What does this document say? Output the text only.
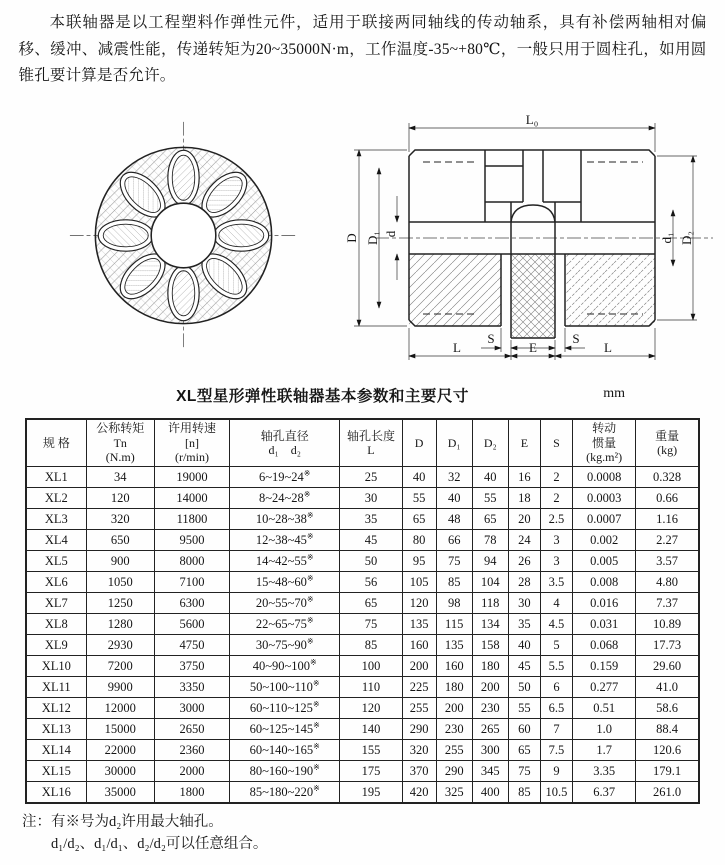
本联轴器是以工程塑料作弹性元件，适用于联接两同轴线的传动轴系，具有补偿两轴相对偏移、缓冲、减震性能，传递转矩为20~35000N·m，工作温度-35~+80℃，一般只用于圆柱孔，如用圆锥孔要计算是否允许。

L₀
D D₁ d	d₁ D₂
S	S
L	E	L
XL型星形弹性联轴器基本参数和主要尺寸	mm
规 格

公称转矩
Tn
(N.m)

许用转速
[n]
(r/min)

轴孔直径
d₁　d₂

轴孔长度
L

D	D₁	D₂	E	S

转动
惯量
(kg.m²)

重量
(kg)

XL1	34	19000	6~19~24※	25	40	32	40	16	2	0.0008	0.328
XL2	120	14000	8~24~28※	30	55	40	55	18	2	0.0003	0.66
XL3	320	11800	10~28~38※	35	65	48	65	20	2.5	0.0007	1.16
XL4	650	9500	12~38~45※	45	80	66	78	24	3	0.002	2.27
XL5	900	8000	14~42~55※	50	95	75	94	26	3	0.005	3.57
XL6	1050	7100	15~48~60※	56	105	85	104	28	3.5	0.008	4.80
XL7	1250	6300	20~55~70※	65	120	98	118	30	4	0.016	7.37
XL8	1280	5600	22~65~75※	75	135	115	134	35	4.5	0.031	10.89
XL9	2930	4750	30~75~90※	85	160	135	158	40	5	0.068	17.73
XL10	7200	3750	40~90~100※	100	200	160	180	45	5.5	0.159	29.60
XL11	9900	3350	50~100~110※	110	225	180	200	50	6	0.277	41.0
XL12	12000	3000	60~110~125※	120	255	200	230	55	6.5	0.51	58.6
XL13	15000	2650	60~125~145※	140	290	230	265	60	7	1.0	88.4
XL14	22000	2360	60~140~165※	155	320	255	300	65	7.5	1.7	120.6
XL15	30000	2000	80~160~190※	175	370	290	345	75	9	3.35	179.1
XL16	35000	1800	85~180~220※	195	420	325	400	85	10.5	6.37	261.0
注：有※号为d₂许用最大轴孔。
d₁/d₂、d₁/d₁、d₂/d₂可以任意组合。
